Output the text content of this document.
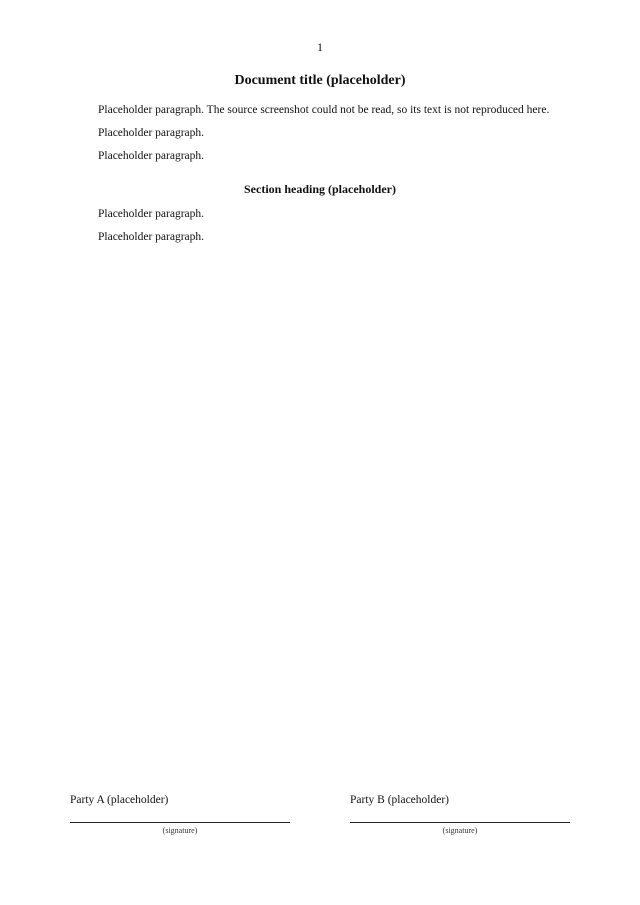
1
Document title (placeholder)

Placeholder paragraph. The source screenshot could not be read, so its text is not reproduced here.

Placeholder paragraph.

Placeholder paragraph.

Section heading (placeholder)

Placeholder paragraph.

Placeholder paragraph.

Party A (placeholder)
(signature)
Party B (placeholder)
(signature)
